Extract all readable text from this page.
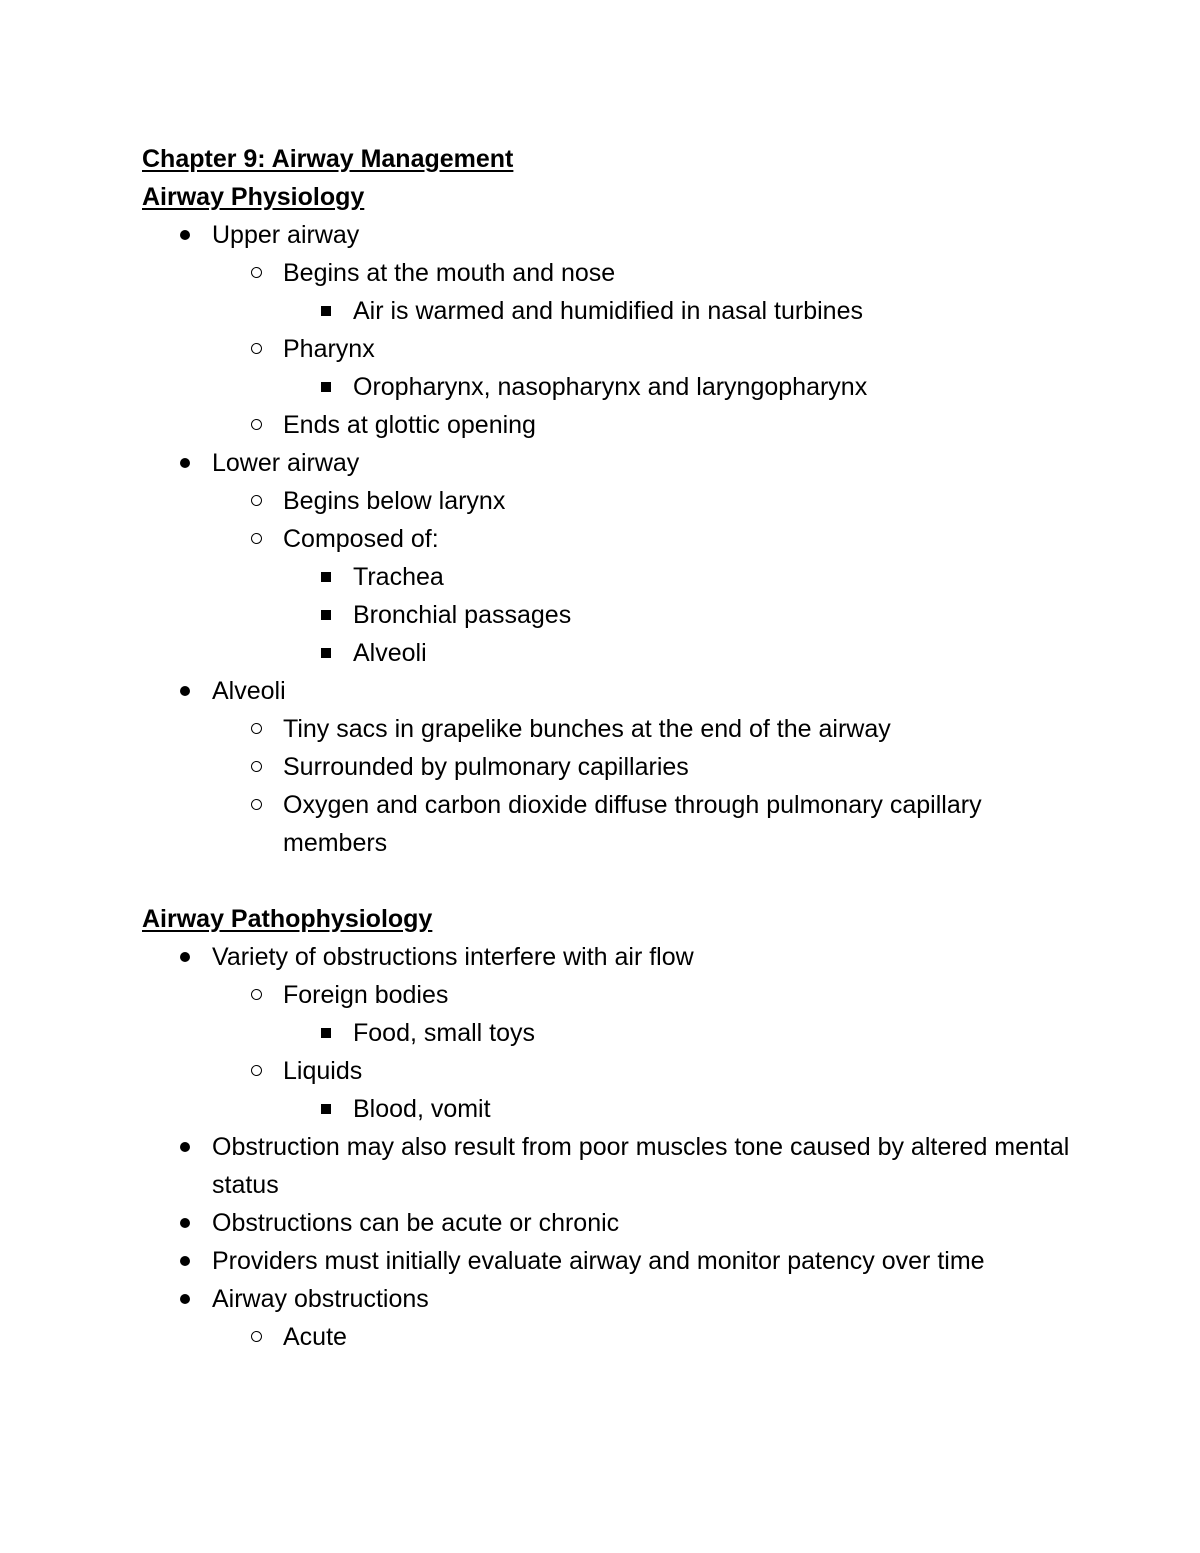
Chapter 9: Airway Management
Airway Physiology
Upper airway
Begins at the mouth and nose
Air is warmed and humidified in nasal turbines
Pharynx
Oropharynx, nasopharynx and laryngopharynx
Ends at glottic opening
Lower airway
Begins below larynx
Composed of:
Trachea
Bronchial passages
Alveoli
Alveoli
Tiny sacs in grapelike bunches at the end of the airway
Surrounded by pulmonary capillaries
Oxygen and carbon dioxide diffuse through pulmonary capillary members
Airway Pathophysiology
Variety of obstructions interfere with air flow
Foreign bodies
Food, small toys
Liquids
Blood, vomit
Obstruction may also result from poor muscles tone caused by altered mental status
Obstructions can be acute or chronic
Providers must initially evaluate airway and monitor patency over time
Airway obstructions
Acute
